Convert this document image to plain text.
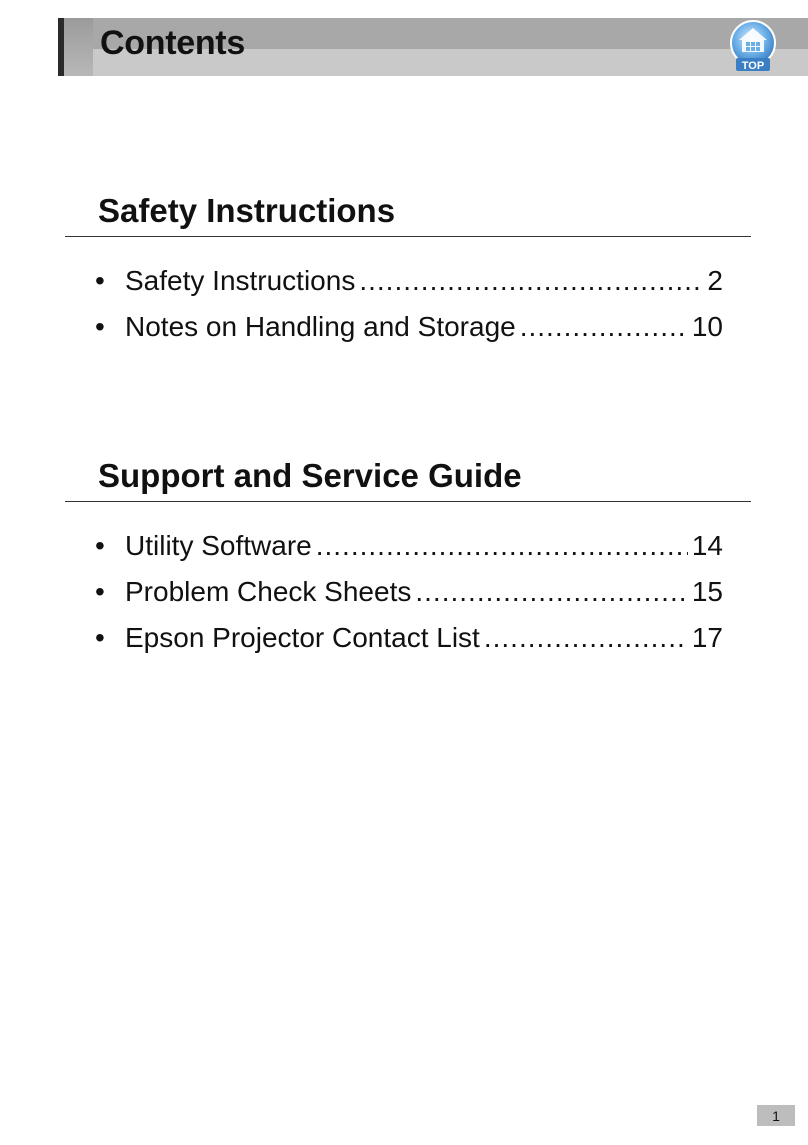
Contents
TOP
Safety Instructions
• Safety Instructions .....	2
• Notes on Handling and Storage .....	10
Support and Service Guide
• Utility Software .....	14
• Problem Check Sheets .....	15
• Epson Projector Contact List .....	17
1
